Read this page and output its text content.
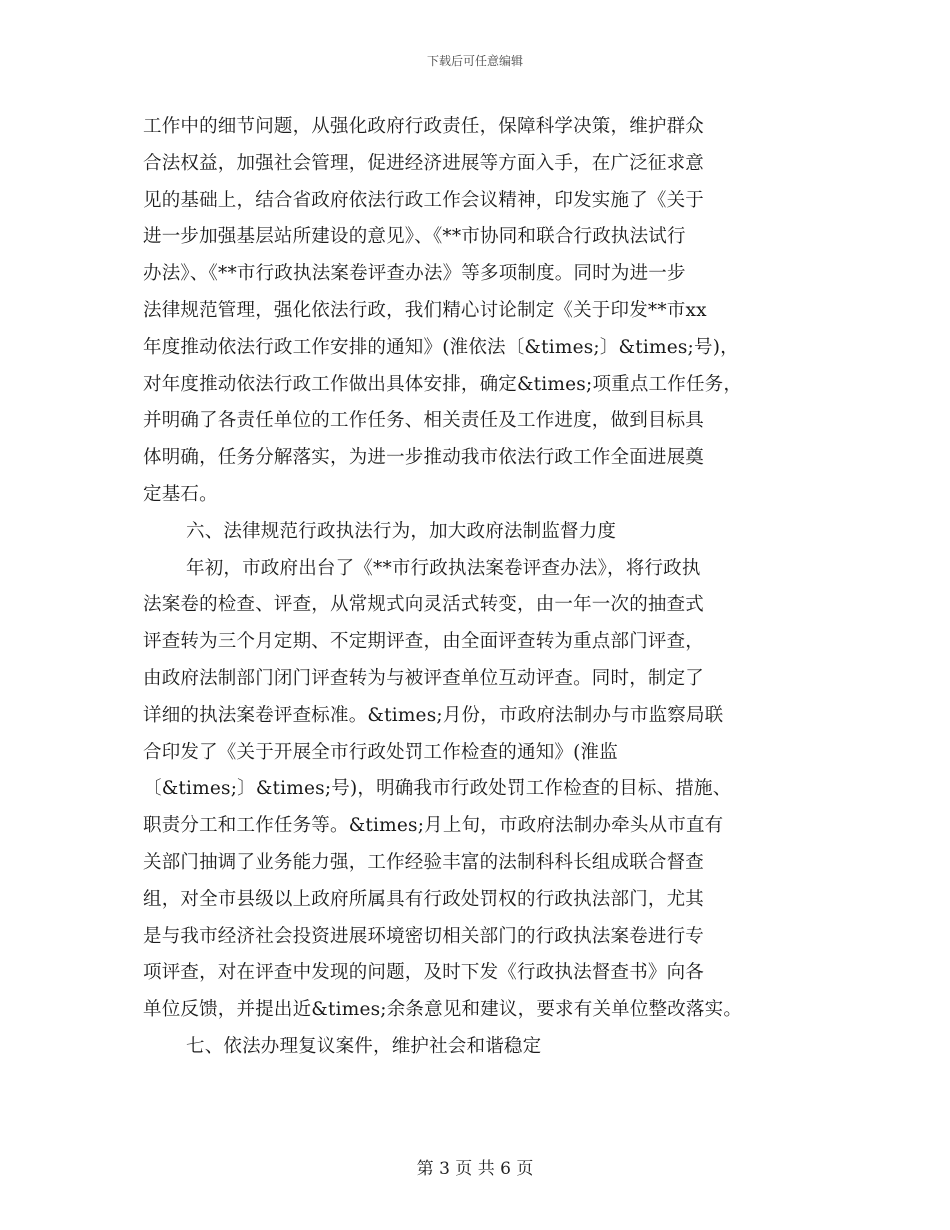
下载后可任意编辑
工作中的细节问题，从强化政府行政责任，保障科学决策，维护群众
合法权益，加强社会管理，促进经济进展等方面入手，在广泛征求意
见的基础上，结合省政府依法行政工作会议精神，印发实施了《关于
进一步加强基层站所建设的意见》、《**市协同和联合行政执法试行
办法》、《**市行政执法案卷评查办法》等多项制度。同时为进一步
法律规范管理，强化依法行政，我们精心讨论制定《关于印发**市xx
年度推动依法行政工作安排的通知》(淮依法〔&times;〕&times;号)，
对年度推动依法行政工作做出具体安排，确定&times;项重点工作任务，
并明确了各责任单位的工作任务、相关责任及工作进度，做到目标具
体明确，任务分解落实，为进一步推动我市依法行政工作全面进展奠
定基石。
六、法律规范行政执法行为，加大政府法制监督力度
年初，市政府出台了《**市行政执法案卷评查办法》，将行政执
法案卷的检查、评查，从常规式向灵活式转变，由一年一次的抽查式
评查转为三个月定期、不定期评查，由全面评查转为重点部门评查，
由政府法制部门闭门评查转为与被评查单位互动评查。同时，制定了
详细的执法案卷评查标准。&times;月份，市政府法制办与市监察局联
合印发了《关于开展全市行政处罚工作检查的通知》(淮监
〔&times;〕&times;号)，明确我市行政处罚工作检查的目标、措施、
职责分工和工作任务等。&times;月上旬，市政府法制办牵头从市直有
关部门抽调了业务能力强，工作经验丰富的法制科科长组成联合督查
组，对全市县级以上政府所属具有行政处罚权的行政执法部门，尤其
是与我市经济社会投资进展环境密切相关部门的行政执法案卷进行专
项评查，对在评查中发现的问题，及时下发《行政执法督查书》向各
单位反馈，并提出近&times;余条意见和建议，要求有关单位整改落实。
七、依法办理复议案件，维护社会和谐稳定
第 3 页 共 6 页
